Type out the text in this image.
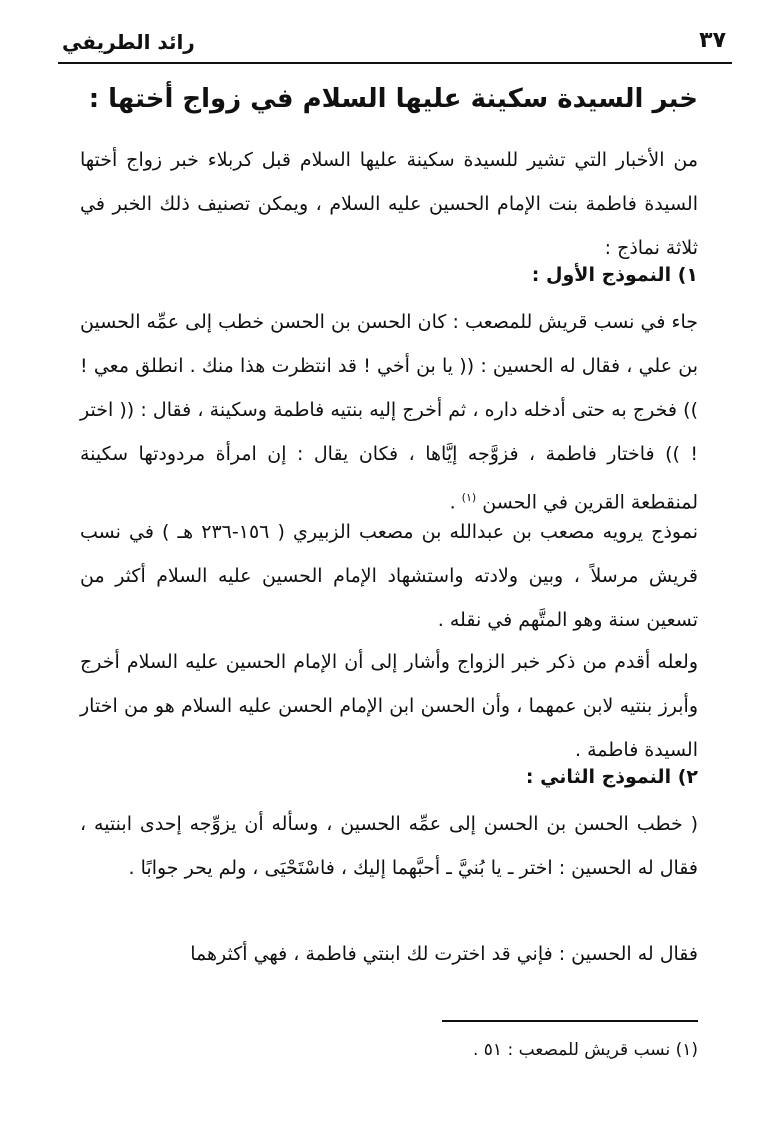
٣٧
رائد الطريفي
خبر السيدة سكينة عليها السلام في زواج أختها :
من الأخبار التي تشير للسيدة سكينة عليها السلام قبل كربلاء خبر زواج أختها السيدة فاطمة بنت الإمام الحسين عليه السلام ، ويمكن تصنيف ذلك الخبر في ثلاثة نماذج :
١) النموذج الأول :
جاء في نسب قريش للمصعب : كان الحسن بن الحسن خطب إلى عمِّه الحسين بن علي ، فقال له الحسين : (( يا بن أخي ! قد انتظرت هذا منك . انطلق معي ! )) فخرج به حتى أدخله داره ، ثم أخرج إليه بنتيه فاطمة وسكينة ، فقال : (( اختر ! )) فاختار فاطمة ، فزوَّجه إيَّاها ، فكان يقال : إن امرأة مردودتها سكينة لمنقطعة القرين في الحسن $^{(١)}$ .
نموذج يرويه مصعب بن عبدالله بن مصعب الزبيري ( ١٥٦-٢٣٦ هـ ) في نسب قريش مرسلاً ، وبين ولادته واستشهاد الإمام الحسين عليه السلام أكثر من تسعين سنة وهو المتَّهم في نقله .
ولعله أقدم من ذكر خبر الزواج وأشار إلى أن الإمام الحسين عليه السلام أخرج وأبرز بنتيه لابن عمهما ، وأن الحسن ابن الإمام الحسن عليه السلام هو من اختار السيدة فاطمة .
٢) النموذج الثاني :
( خطب الحسن بن الحسن إلى عمِّه الحسين ، وسأله أن يزوِّجه إحدى ابنتيه ، فقال له الحسين : اختر ـ يا بُنيَّ ـ أحبَّهما إليك ، فاسْتَحْيَى ، ولم يحر جوابًا .
فقال له الحسين : فإني قد اخترت لك ابنتي فاطمة ، فهي أكثرهما
(١) نسب قريش للمصعب : ٥١ .
